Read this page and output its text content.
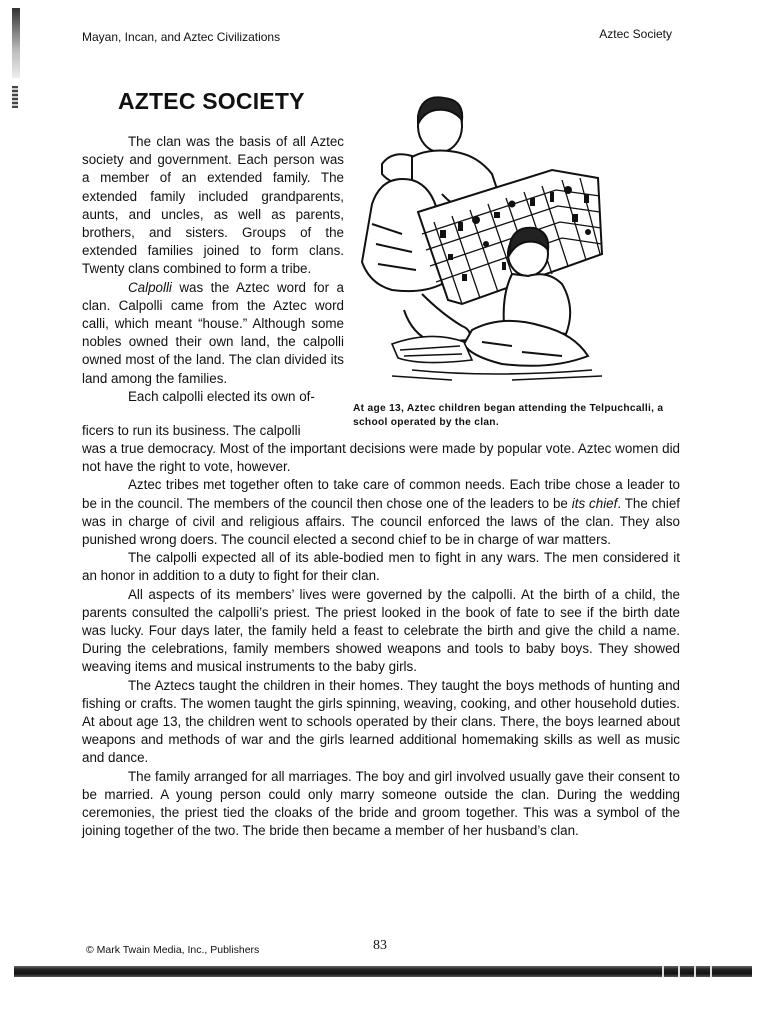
Mayan, Incan, and Aztec Civilizations	Aztec Society
AZTEC SOCIETY

The clan was the basis of all Aztec society and government. Each person was a member of an extended family. The extended family included grandparents, aunts, and uncles, as well as parents, brothers, and sisters. Groups of the extended families joined to form clans. Twenty clans combined to form a tribe.

Calpolli was the Aztec word for a clan. Calpolli came from the Aztec word calli, which meant “house.” Although some nobles owned their own land, the calpolli owned most of the land. The clan divided its land among the families.

Each calpolli elected its own of-

At age 13, Aztec children began attending the Telpuchcalli, a school operated by the clan.
ficers to run its business. The calpolli

was a true democracy. Most of the important decisions were made by popular vote. Aztec women did not have the right to vote, however.

Aztec tribes met together often to take care of common needs. Each tribe chose a leader to be in the council. The members of the council then chose one of the leaders to be its chief. The chief was in charge of civil and religious affairs. The council enforced the laws of the clan. They also punished wrong doers. The council elected a second chief to be in charge of war matters.

The calpolli expected all of its able-bodied men to fight in any wars. The men considered it an honor in addition to a duty to fight for their clan.

All aspects of its members’ lives were governed by the calpolli. At the birth of a child, the parents consulted the calpolli’s priest. The priest looked in the book of fate to see if the birth date was lucky. Four days later, the family held a feast to celebrate the birth and give the child a name. During the celebrations, family members showed weapons and tools to baby boys. They showed weaving items and musical instruments to the baby girls.

The Aztecs taught the children in their homes. They taught the boys methods of hunting and fishing or crafts. The women taught the girls spinning, weaving, cooking, and other household duties. At about age 13, the children went to schools operated by their clans. There, the boys learned about weapons and methods of war and the girls learned additional homemaking skills as well as music and dance.

The family arranged for all marriages. The boy and girl involved usually gave their consent to be married. A young person could only marry someone outside the clan. During the wedding ceremonies, the priest tied the cloaks of the bride and groom together. This was a symbol of the joining together of the two. The bride then became a member of her husband’s clan.

© Mark Twain Media, Inc., Publishers	83
